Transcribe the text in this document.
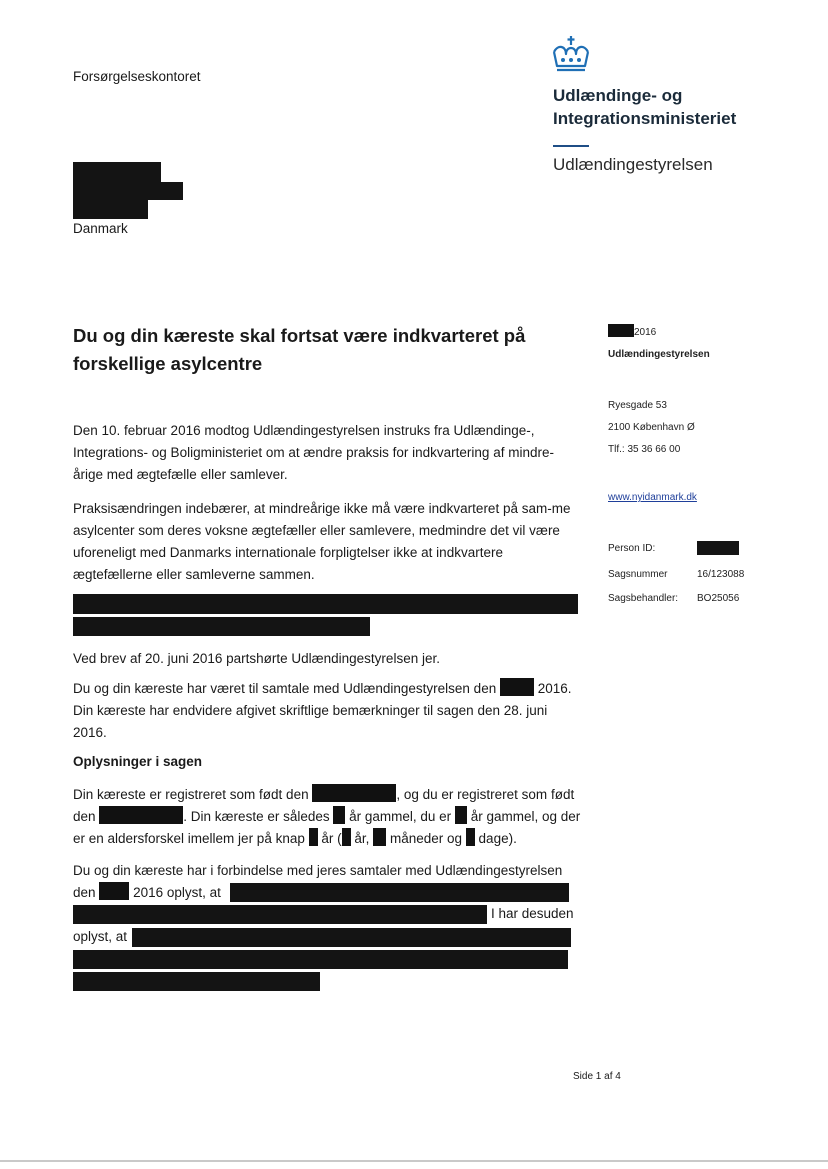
Forsørgelseskontoret
Udlændinge- og
Integrationsministeriet
Udlændingestyrelsen
Danmark
Du og din kæreste skal fortsat være indkvarteret på forskellige asylcentre
2016
Udlændingestyrelsen
Ryesgade 53
2100 København Ø
Tlf.: 35 36 66 00
www.nyidanmark.dk
Person ID:
Sagsnummer	16/123088
Sagsbehandler: BO25056
Den 10. februar 2016 modtog Udlændingestyrelsen instruks fra Udlændinge-, Integrations- og Boligministeriet om at ændre praksis for indkvartering af mindre-årige med ægtefælle eller samlever.
Praksisændringen indebærer, at mindreårige ikke må være indkvarteret på sam-me asylcenter som deres voksne ægtefæller eller samlevere, medmindre det vil være uforeneligt med Danmarks internationale forpligtelser ikke at indkvartere ægtefællerne eller samleverne sammen.
Ved brev af 20. juni 2016 partshørte Udlændingestyrelsen jer.
Du og din kæreste har været til samtale med Udlændingestyrelsen den	2016. Din kæreste har endvidere afgivet skriftlige bemærkninger til sagen den 28. juni 2016.
Oplysninger i sagen
Din kæreste er registreret som født den	, og du er registreret som født den	. Din kæreste er således år gammel, du er år gammel, og der er en aldersforskel imellem jer på knap år ( år, måneder og dage).
Du og din kæreste har i forbindelse med jeres samtaler med Udlændingestyrelsen
den	2016 oplyst, at
I har desuden
oplyst, at
Side 1 af 4
